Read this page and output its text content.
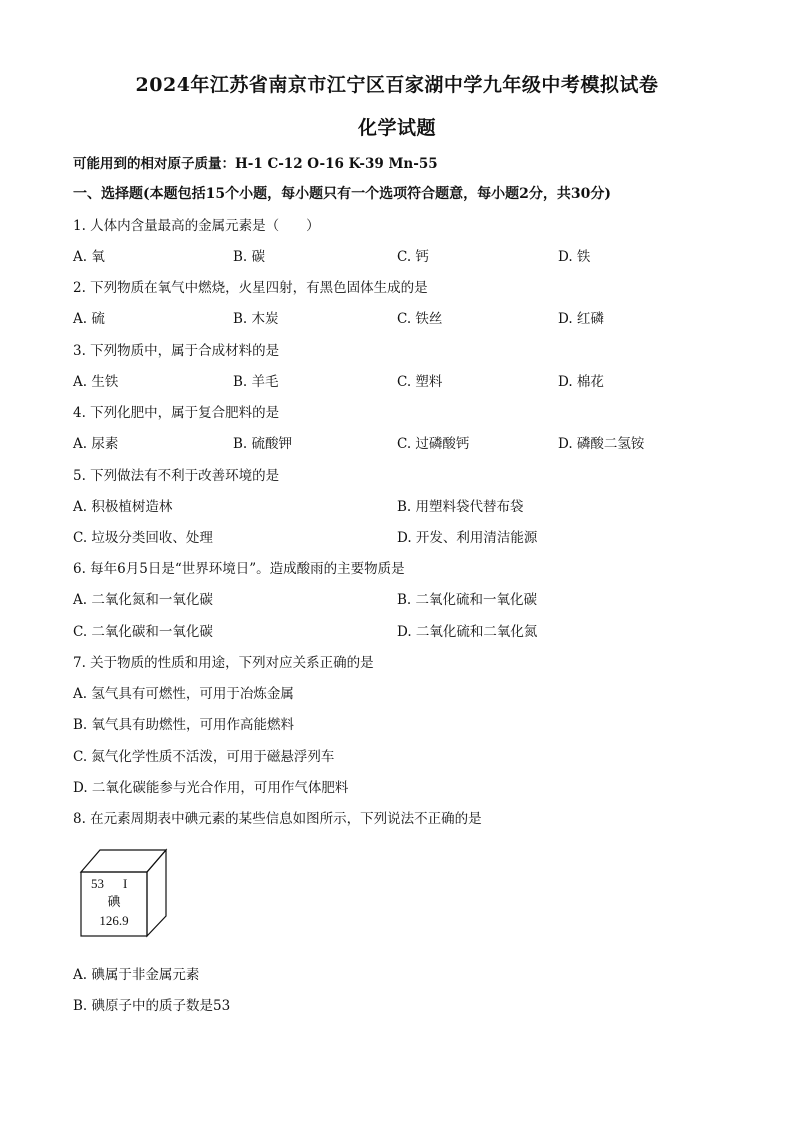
2024年江苏省南京市江宁区百家湖中学九年级中考模拟试卷
化学试题
可能用到的相对原子质量：H-1 C-12 O-16 K-39 Mn-55
一、选择题(本题包括15个小题，每小题只有一个选项符合题意，每小题2分，共30分)
1. 人体内含量最高的金属元素是（　　）
A. 氧	B. 碳	C. 钙	D. 铁
2. 下列物质在氧气中燃烧，火星四射，有黑色固体生成的是
A. 硫	B. 木炭	C. 铁丝	D. 红磷
3. 下列物质中，属于合成材料的是
A. 生铁	B. 羊毛	C. 塑料	D. 棉花
4. 下列化肥中，属于复合肥料的是
A. 尿素	B. 硫酸钾	C. 过磷酸钙	D. 磷酸二氢铵
5. 下列做法有不利于改善环境的是
A. 积极植树造林	B. 用塑料袋代替布袋
C. 垃圾分类回收、处理	D. 开发、利用清洁能源
6. 每年6月5日是“世界环境日”。造成酸雨的主要物质是
A. 二氧化氮和一氧化碳	B. 二氧化硫和一氧化碳
C. 二氧化碳和一氧化碳	D. 二氧化硫和二氧化氮
7. 关于物质的性质和用途，下列对应关系正确的是
A. 氢气具有可燃性，可用于冶炼金属
B. 氧气具有助燃性，可用作高能燃料
C. 氮气化学性质不活泼，可用于磁悬浮列车
D. 二氧化碳能参与光合作用，可用作气体肥料
8. 在元素周期表中碘元素的某些信息如图所示，下列说法不正确的是
53 I
碘
126.9
A. 碘属于非金属元素
B. 碘原子中的质子数是53
